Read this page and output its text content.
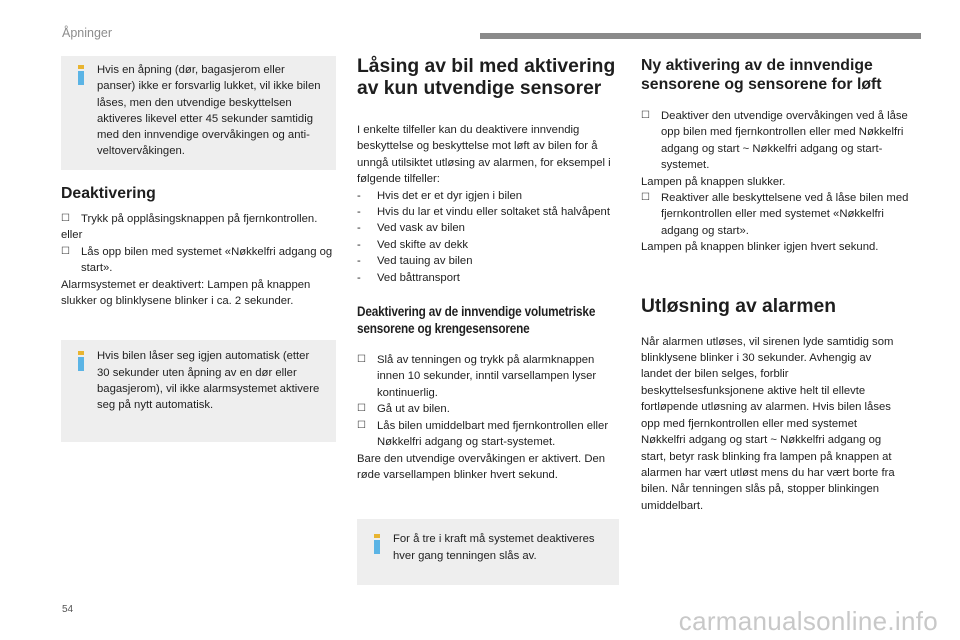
Åpninger
Hvis en åpning (dør, bagasjerom eller panser) ikke er forsvarlig lukket, vil ikke bilen låses, men den utvendige beskyttelsen aktiveres likevel etter 45 sekunder samtidig med den innvendige overvåkingen og anti-veltovervåkingen.
Deaktivering

☐ Trykk på opplåsingsknappen på fjernkontrollen.

eller

☐ Lås opp bilen med systemet «Nøkkelfri adgang og start».

Alarmsystemet er deaktivert: Lampen på knappen slukker og blinklysene blinker i ca. 2 sekunder.

Hvis bilen låser seg igjen automatisk (etter 30 sekunder uten åpning av en dør eller bagasjerom), vil ikke alarmsystemet aktivere seg på nytt automatisk.
Låsing av bil med aktivering av kun utvendige sensorer

I enkelte tilfeller kan du deaktivere innvendig beskyttelse og beskyttelse mot løft av bilen for å unngå utilsiktet utløsing av alarmen, for eksempel i følgende tilfeller:

- Hvis det er et dyr igjen i bilen
- Hvis du lar et vindu eller soltaket stå halvåpent
- Ved vask av bilen
- Ved skifte av dekk
- Ved tauing av bilen
- Ved båttransport
Deaktivering av de innvendige volumetriske sensorene og krengesensorene

☐ Slå av tenningen og trykk på alarmknappen innen 10 sekunder, inntil varsellampen lyser kontinuerlig.

☐ Gå ut av bilen.

☐ Lås bilen umiddelbart med fjernkontrollen eller Nøkkelfri adgang og start-systemet.

Bare den utvendige overvåkingen er aktivert. Den røde varsellampen blinker hvert sekund.

For å tre i kraft må systemet deaktiveres hver gang tenningen slås av.
Ny aktivering av de innvendige sensorene og sensorene for løft

☐ Deaktiver den utvendige overvåkingen ved å låse opp bilen med fjernkontrollen eller med Nøkkelfri adgang og start ~ Nøkkelfri adgang og start-systemet.

Lampen på knappen slukker.

☐ Reaktiver alle beskyttelsene ved å låse bilen med fjernkontrollen eller med systemet «Nøkkelfri adgang og start».

Lampen på knappen blinker igjen hvert sekund.

Utløsning av alarmen

Når alarmen utløses, vil sirenen lyde samtidig som blinklysene blinker i 30 sekunder. Avhengig av landet der bilen selges, forblir beskyttelsesfunksjonene aktive helt til ellevte fortløpende utløsning av alarmen. Hvis bilen låses opp med fjernkontrollen eller med systemet Nøkkelfri adgang og start ~ Nøkkelfri adgang og start, betyr rask blinking fra lampen på knappen at alarmen har vært utløst mens du har vært borte fra bilen. Når tenningen slås på, stopper blinkingen umiddelbart.

54	carmanualsonline.info
